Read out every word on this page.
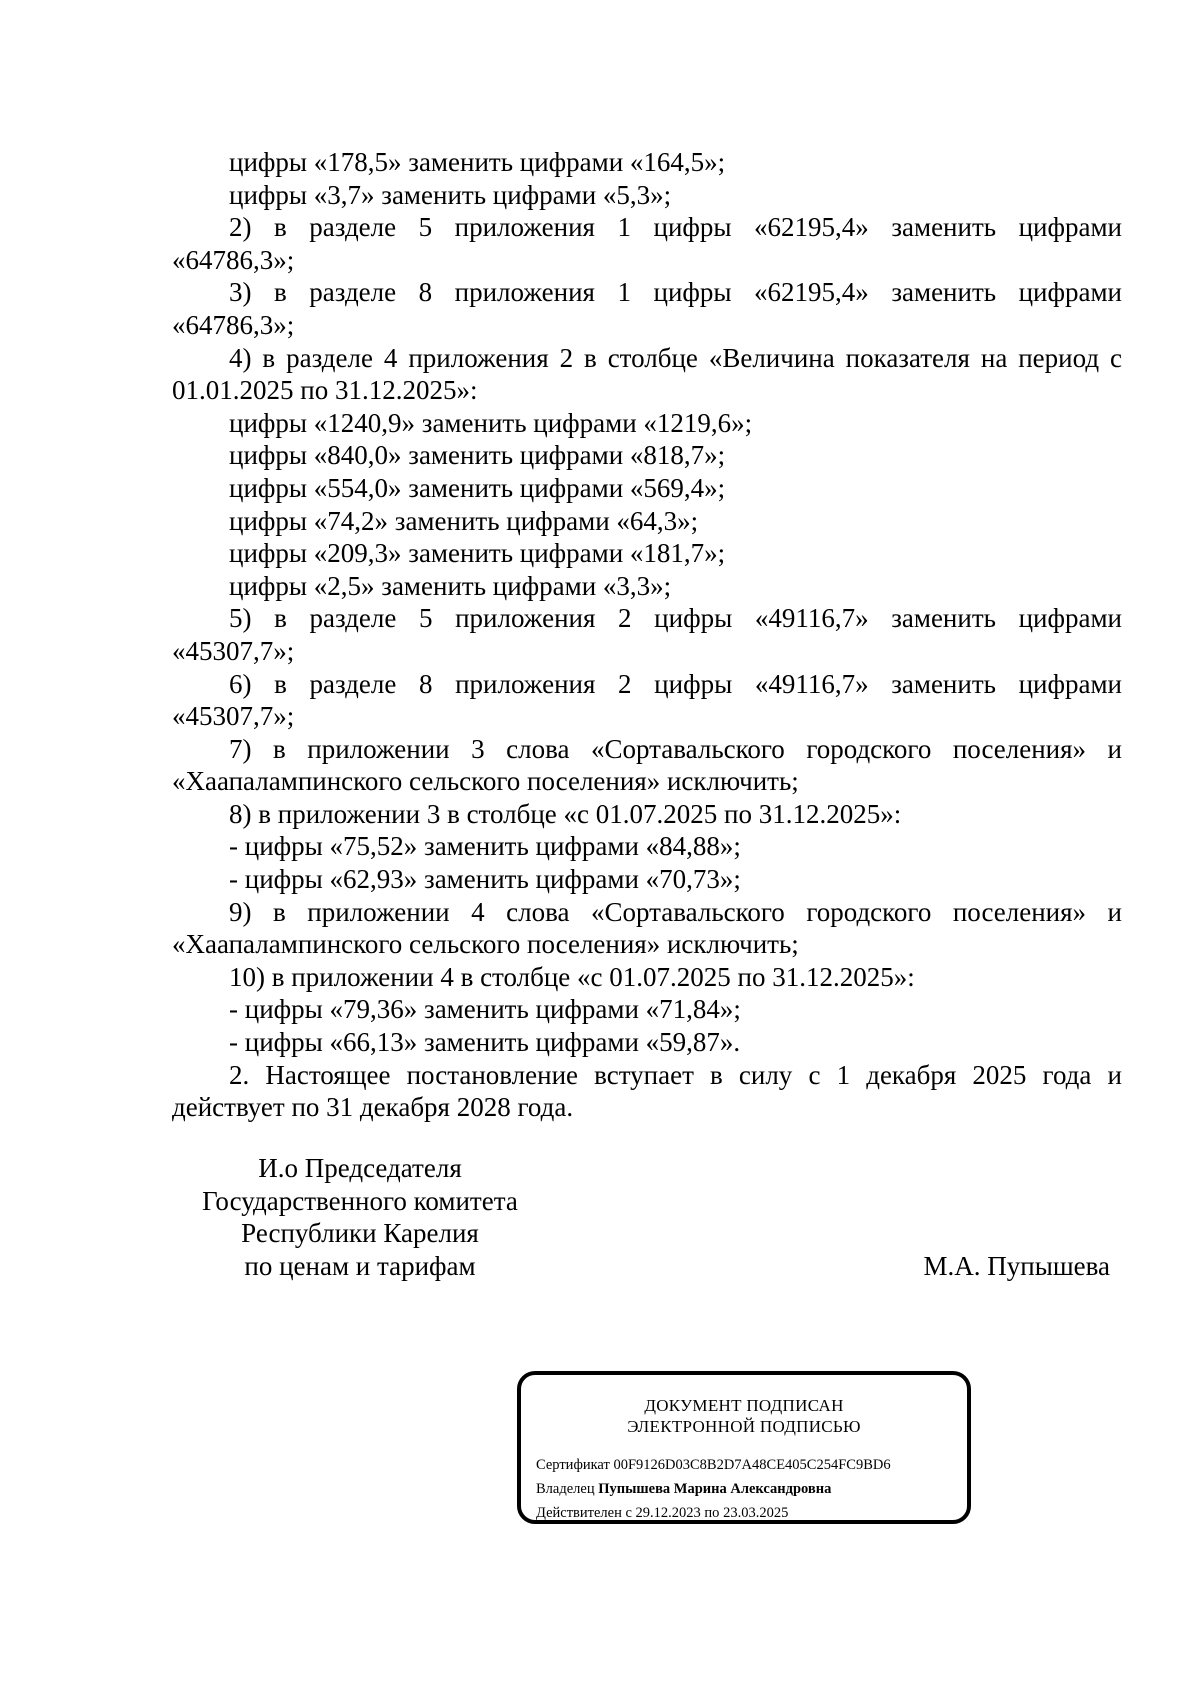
цифры «178,5» заменить цифрами «164,5»;
цифры «3,7» заменить цифрами «5,3»;
2) в разделе 5 приложения 1 цифры «62195,4» заменить цифрами
«64786,3»;
3) в разделе 8 приложения 1 цифры «62195,4» заменить цифрами
«64786,3»;
4) в разделе 4 приложения 2 в столбце «Величина показателя на период с
01.01.2025 по 31.12.2025»:
цифры «1240,9» заменить цифрами «1219,6»;
цифры «840,0» заменить цифрами «818,7»;
цифры «554,0» заменить цифрами «569,4»;
цифры «74,2» заменить цифрами «64,3»;
цифры «209,3» заменить цифрами «181,7»;
цифры «2,5» заменить цифрами «3,3»;
5) в разделе 5 приложения 2 цифры «49116,7» заменить цифрами
«45307,7»;
6) в разделе 8 приложения 2 цифры «49116,7» заменить цифрами
«45307,7»;
7) в приложении 3 слова «Сортавальского городского поселения» и
«Хаапалампинского сельского поселения» исключить;
8) в приложении 3 в столбце «с 01.07.2025 по 31.12.2025»:
- цифры «75,52» заменить цифрами «84,88»;
- цифры «62,93» заменить цифрами «70,73»;
9) в приложении 4 слова «Сортавальского городского поселения» и
«Хаапалампинского сельского поселения» исключить;
10) в приложении 4 в столбце «с 01.07.2025 по 31.12.2025»:
- цифры «79,36» заменить цифрами «71,84»;
- цифры «66,13» заменить цифрами «59,87».
2. Настоящее постановление вступает в силу с 1 декабря 2025 года и
действует по 31 декабря 2028 года.
И.о Председателя
Государственного комитета
Республики Карелия
по ценам и тарифам	М.А. Пупышева
ДОКУМЕНТ ПОДПИСАН
ЭЛЕКТРОННОЙ ПОДПИСЬЮ
Сертификат 00F9126D03C8B2D7A48CE405C254FC9BD6
Владелец Пупышева Марина Александровна
Действителен с 29.12.2023 по 23.03.2025
